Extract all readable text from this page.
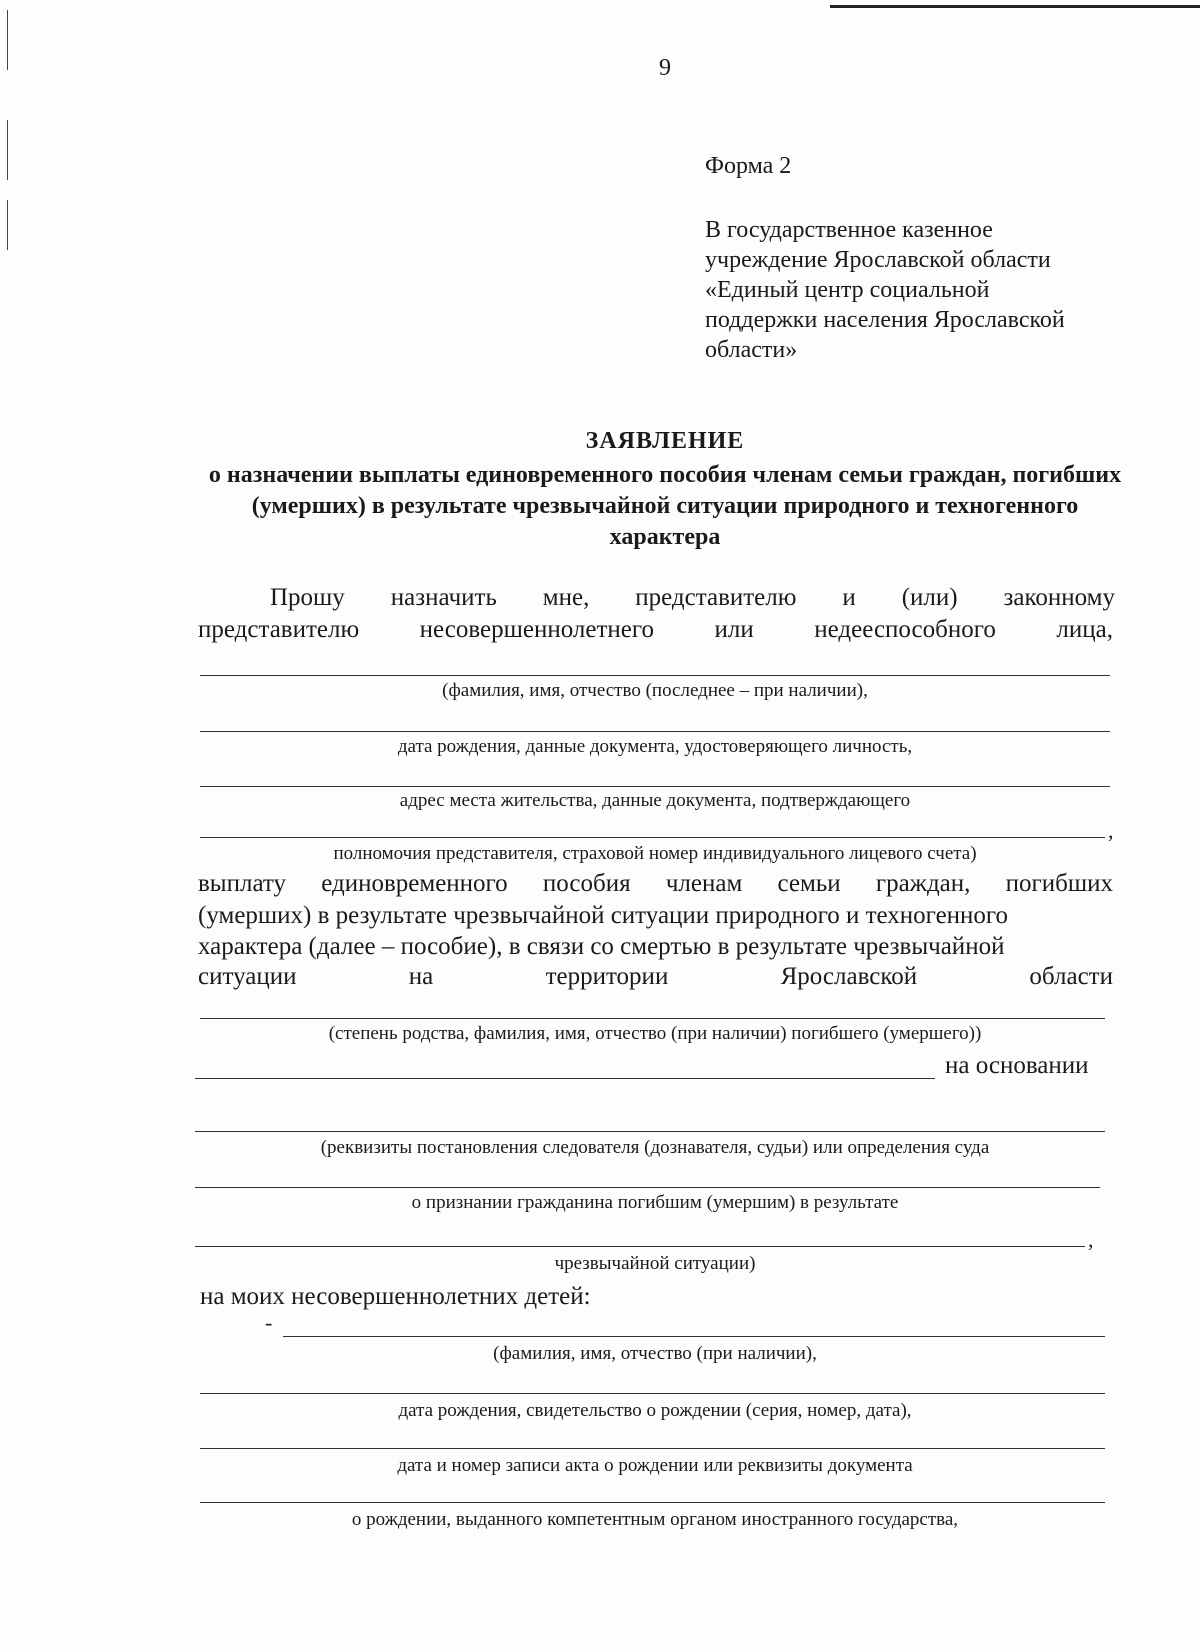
9
Форма 2
В государственное казенное
учреждение Ярославской области
«Единый центр социальной
поддержки населения Ярославской
области»
ЗАЯВЛЕНИЕ
о назначении выплаты единовременного пособия членам семьи граждан, погибших (умерших) в результате чрезвычайной ситуации природного и техногенного характера
Прошу назначить мне, представителю и (или) законному
представителю несовершеннолетнего или недееспособного лица,
(фамилия, имя, отчество (последнее – при наличии),
дата рождения, данные документа, удостоверяющего личность,
адрес места жительства, данные документа, подтверждающего
,
полномочия представителя, страховой номер индивидуального лицевого счета)
выплату единовременного пособия членам семьи граждан, погибших
(умерших) в результате чрезвычайной ситуации природного и техногенного
характера (далее – пособие), в связи со смертью в результате чрезвычайной
ситуации	на	территории	Ярославской	области
(степень родства, фамилия, имя, отчество (при наличии) погибшего (умершего))
на основании
(реквизиты постановления следователя (дознавателя, судьи) или определения суда
о признании гражданина погибшим (умершим) в результате
,
чрезвычайной ситуации)
на моих несовершеннолетних детей:
-
(фамилия, имя, отчество (при наличии),
дата рождения, свидетельство о рождении (серия, номер, дата),
дата и номер записи акта о рождении или реквизиты документа
о рождении, выданного компетентным органом иностранного государства,
